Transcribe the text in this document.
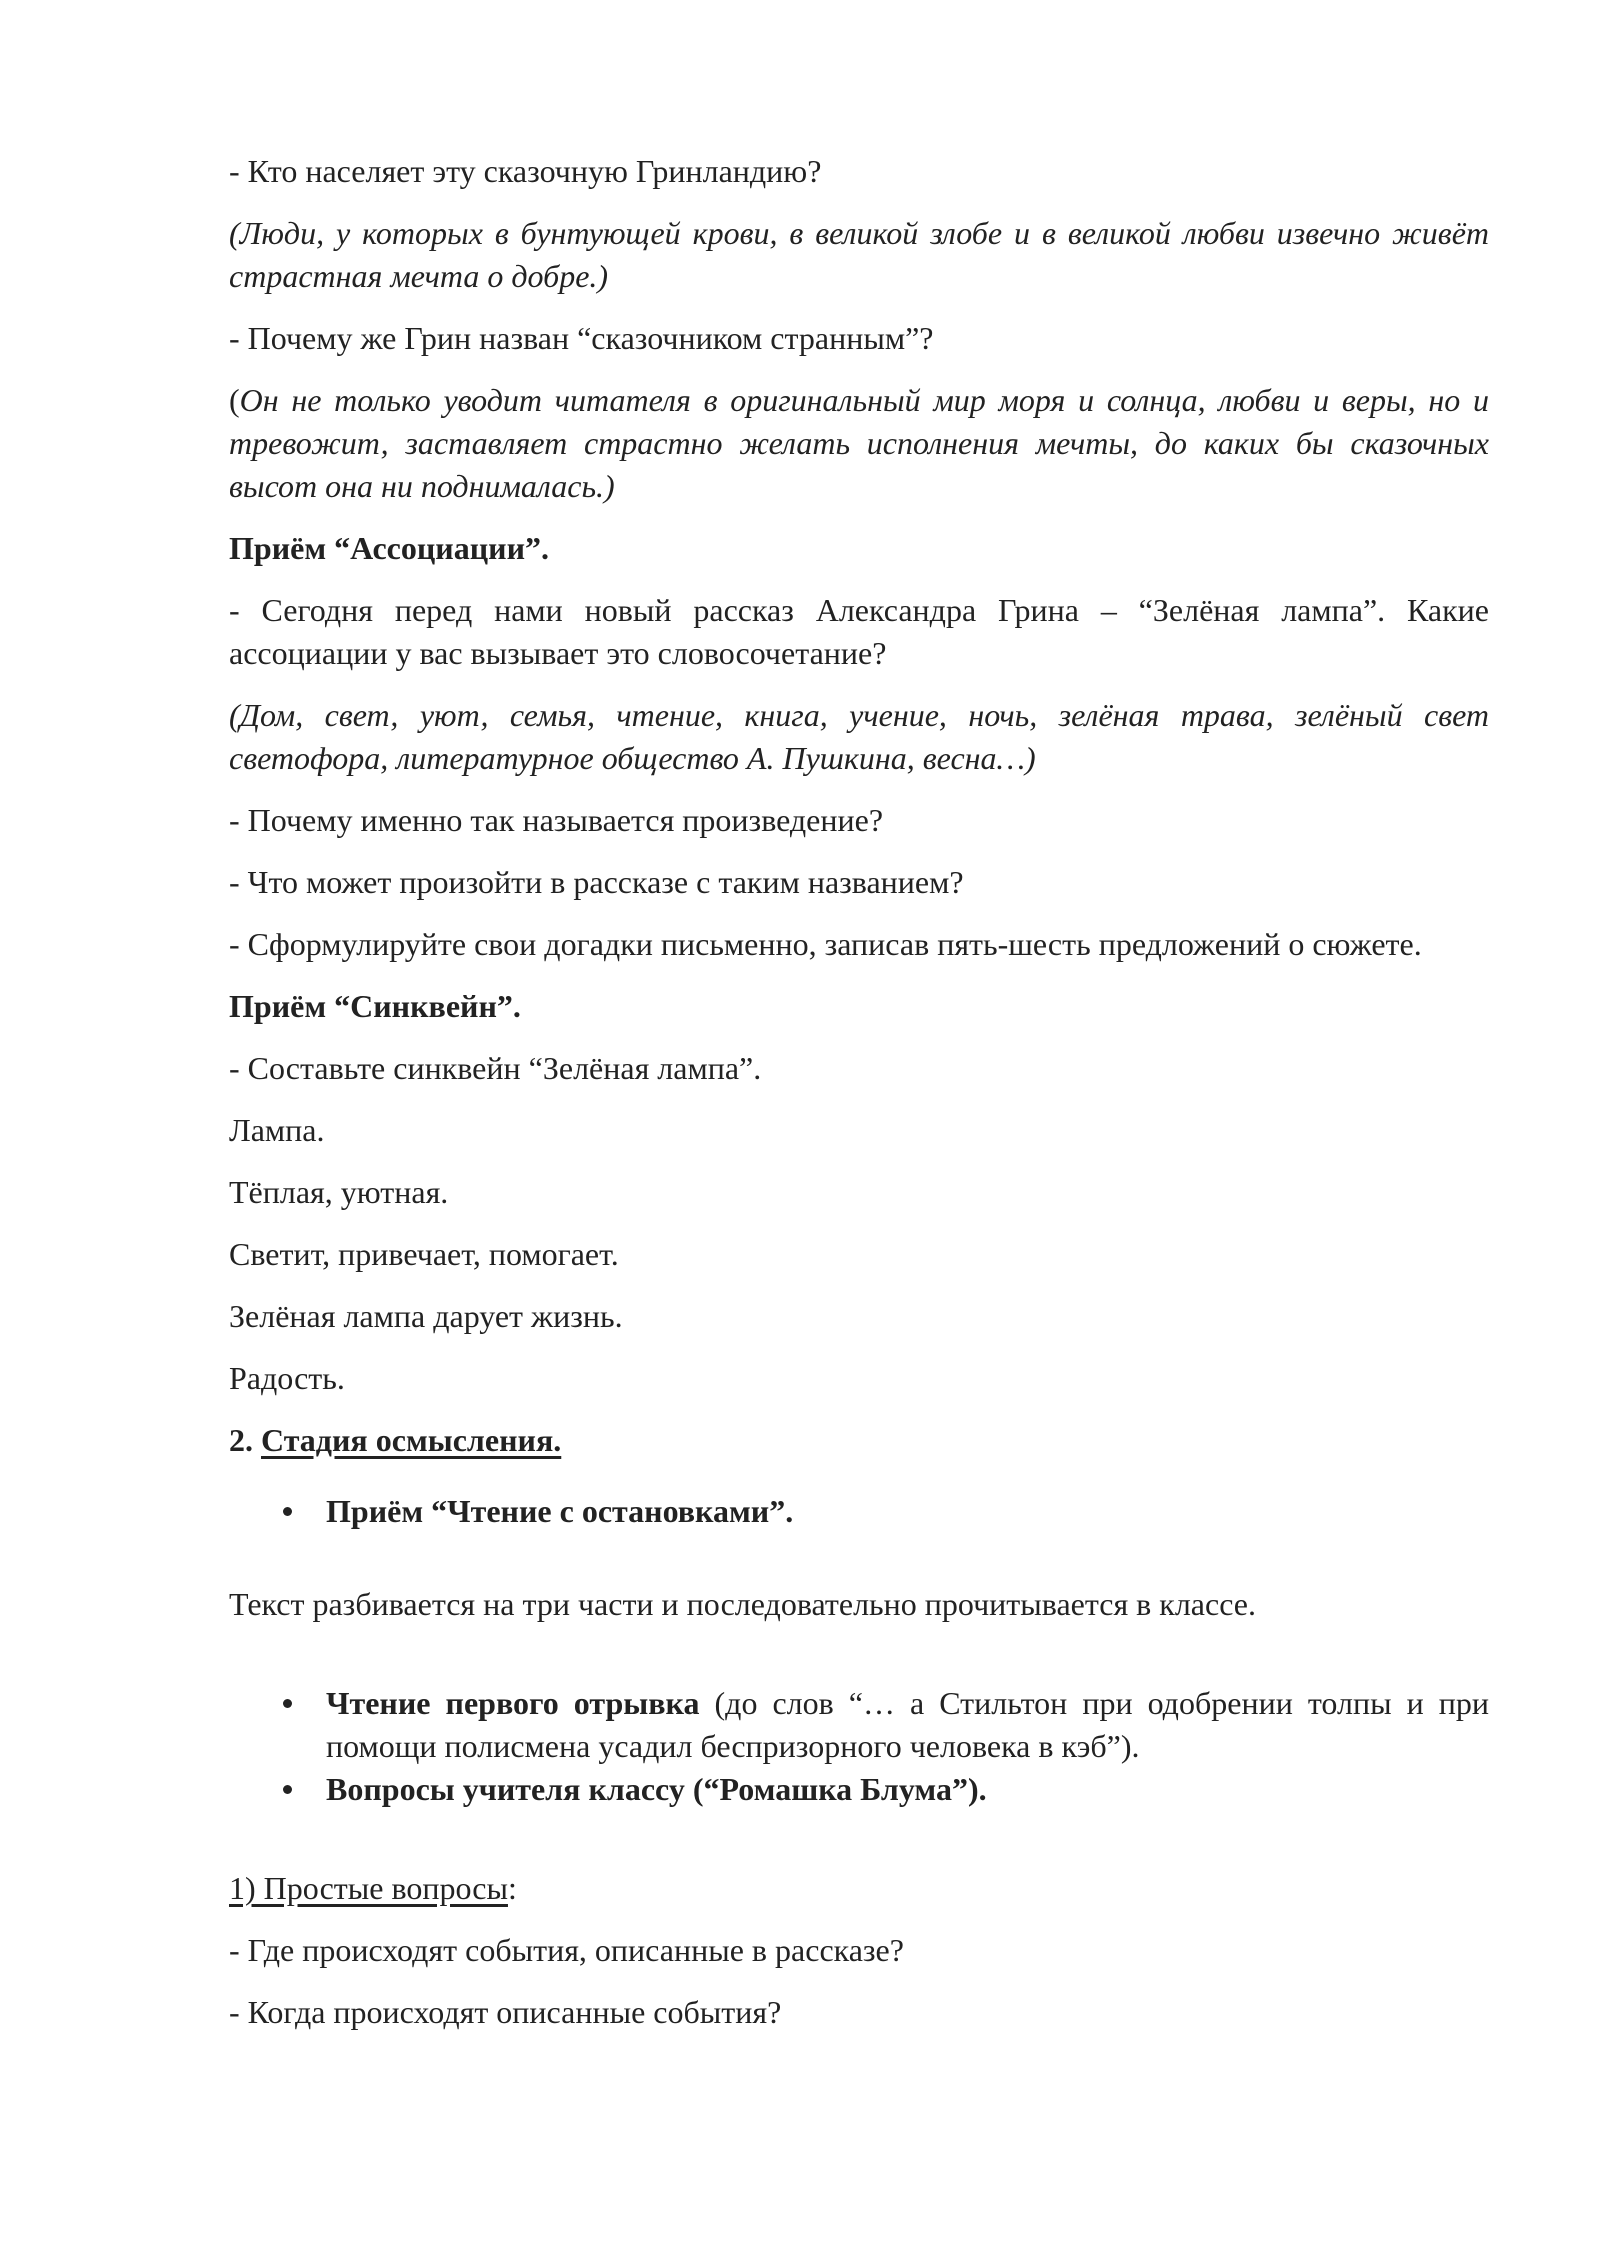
- Кто населяет эту сказочную Гринландию?

(Люди, у которых в бунтующей крови, в великой злобе и в великой любви извечно живёт страстная мечта о добре.)

- Почему же Грин назван “сказочником странным”?

(Он не только уводит читателя в оригинальный мир моря и солнца, любви и веры, но и тревожит, заставляет страстно желать исполнения мечты, до каких бы сказочных высот она ни поднималась.)

Приём “Ассоциации”.

- Сегодня перед нами новый рассказ Александра Грина – “Зелёная лампа”. Какие ассоциации у вас вызывает это словосочетание?

(Дом, свет, уют, семья, чтение, книга, учение, ночь, зелёная трава, зелёный свет светофора, литературное общество А. Пушкина, весна…)

- Почему именно так называется произведение?

- Что может произойти в рассказе с таким названием?

- Сформулируйте свои догадки письменно, записав пять-шесть предложений о сюжете.

Приём “Синквейн”.

- Составьте синквейн “Зелёная лампа”.

Лампа.

Тёплая, уютная.

Светит, привечает, помогает.

Зелёная лампа дарует жизнь.

Радость.

2. Стадия осмысления.

Приём “Чтение с остановками”.

Текст разбивается на три части и последовательно прочитывается в классе.

Чтение первого отрывка (до слов “… а Стильтон при одобрении толпы и при помощи полисмена усадил беспризорного человека в кэб”).
Вопросы учителя классу (“Ромашка Блума”).

1) Простые вопросы:

- Где происходят события, описанные в рассказе?

- Когда происходят описанные события?
